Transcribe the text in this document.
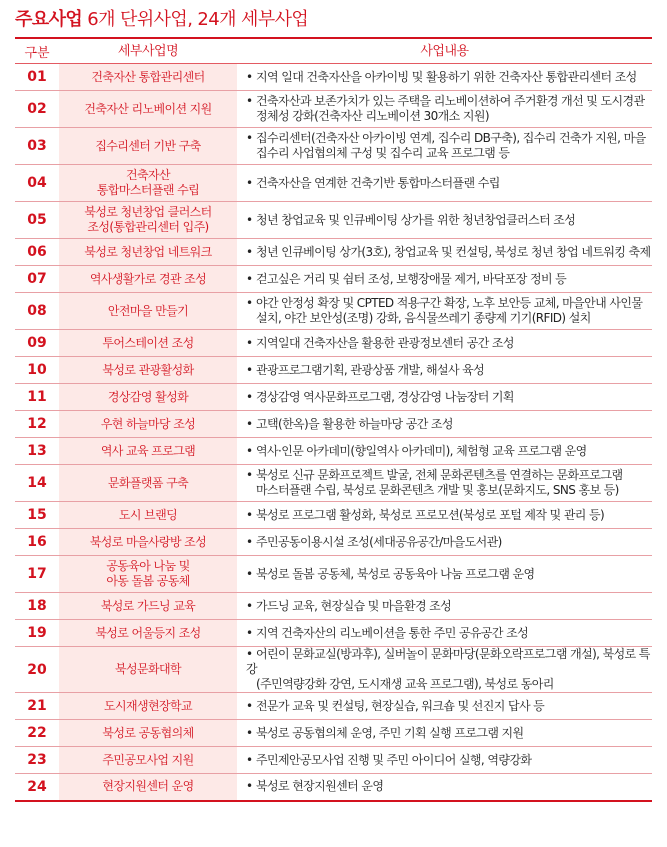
주요사업 6개 단위사업, 24개 세부사업
구분	세부사업명	사업내용
01	건축자산 통합관리센터	• 지역 일대 건축자산을 아카이빙 및 활용하기 위한 건축자산 통합관리센터 조성

02	건축자산 리노베이션 지원	• 건축자산과 보존가치가 있는 주택을 리노베이션하여 주거환경 개선 및 도시경관
정체성 강화(건축자산 리노베이션 30개소 지원)

03	집수리센터 기반 구축	• 집수리센터(건축자산 아카이빙 연계, 집수리 DB구축), 집수리 건축가 지원, 마을
집수리 사업협의체 구성 및 집수리 교육 프로그램 등

04	건축자산
통합마스터플랜 수립	• 건축자산을 연계한 건축기반 통합마스터플랜 수립

05	북성로 청년창업 클러스터
조성(통합관리센터 입주)	• 청년 창업교육 및 인큐베이팅 상가를 위한 청년창업클러스터 조성

06	북성로 청년창업 네트워크	• 청년 인큐베이팅 상가(3호), 창업교육 및 컨설팅, 북성로 청년 창업 네트워킹 축제

07	역사생활가로 경관 조성	• 걷고싶은 거리 및 쉼터 조성, 보행장애물 제거, 바닥포장 정비 등

08	안전마을 만들기	• 야간 안정성 확장 및 CPTED 적용구간 확장, 노후 보안등 교체, 마을안내 사인물
설치, 야간 보안성(조명) 강화, 음식물쓰레기 종량제 기기(RFID) 설치

09	투어스테이션 조성	• 지역일대 건축자산을 활용한 관광정보센터 공간 조성

10	북성로 관광활성화	• 관광프로그램기획, 관광상품 개발, 해설사 육성

11	경상감영 활성화	• 경상감영 역사문화프로그램, 경상감영 나눔장터 기획

12	우현 하늘마당 조성	• 고택(한옥)을 활용한 하늘마당 공간 조성

13	역사 교육 프로그램	• 역사·인문 아카데미(향일역사 아카데미), 체험형 교육 프로그램 운영

14	문화플랫폼 구축	• 북성로 신규 문화프로젝트 발굴, 전체 문화콘텐츠를 연결하는 문화프로그램
마스터플랜 수립, 북성로 문화콘텐츠 개발 및 홍보(문화지도, SNS 홍보 등)

15	도시 브랜딩	• 북성로 프로그램 활성화, 북성로 프로모션(북성로 포털 제작 및 관리 등)

16	북성로 마을사랑방 조성	• 주민공동이용시설 조성(세대공유공간/마을도서관)

17	공동육아 나눔 및
아동 돌봄 공동체	• 북성로 돌봄 공동체, 북성로 공동육아 나눔 프로그램 운영

18	북성로 가드닝 교육	• 가드닝 교육, 현장실습 및 마을환경 조성

19	북성로 어울등지 조성	• 지역 건축자산의 리노베이션을 통한 주민 공유공간 조성

20	북성문화대학	• 어린이 문화교실(방과후), 실버놀이 문화마당(문화오락프로그램 개설), 북성로 특강
(주민역량강화 강연, 도시재생 교육 프로그램), 북성로 동아리

21	도시재생현장학교	• 전문가 교육 및 컨설팅, 현장실습, 워크숍 및 선진지 답사 등

22	북성로 공동협의체	• 북성로 공동협의체 운영, 주민 기획 실행 프로그램 지원

23	주민공모사업 지원	• 주민제안공모사업 진행 및 주민 아이디어 실행, 역량강화

24	현장지원센터 운영	• 북성로 현장지원센터 운영
